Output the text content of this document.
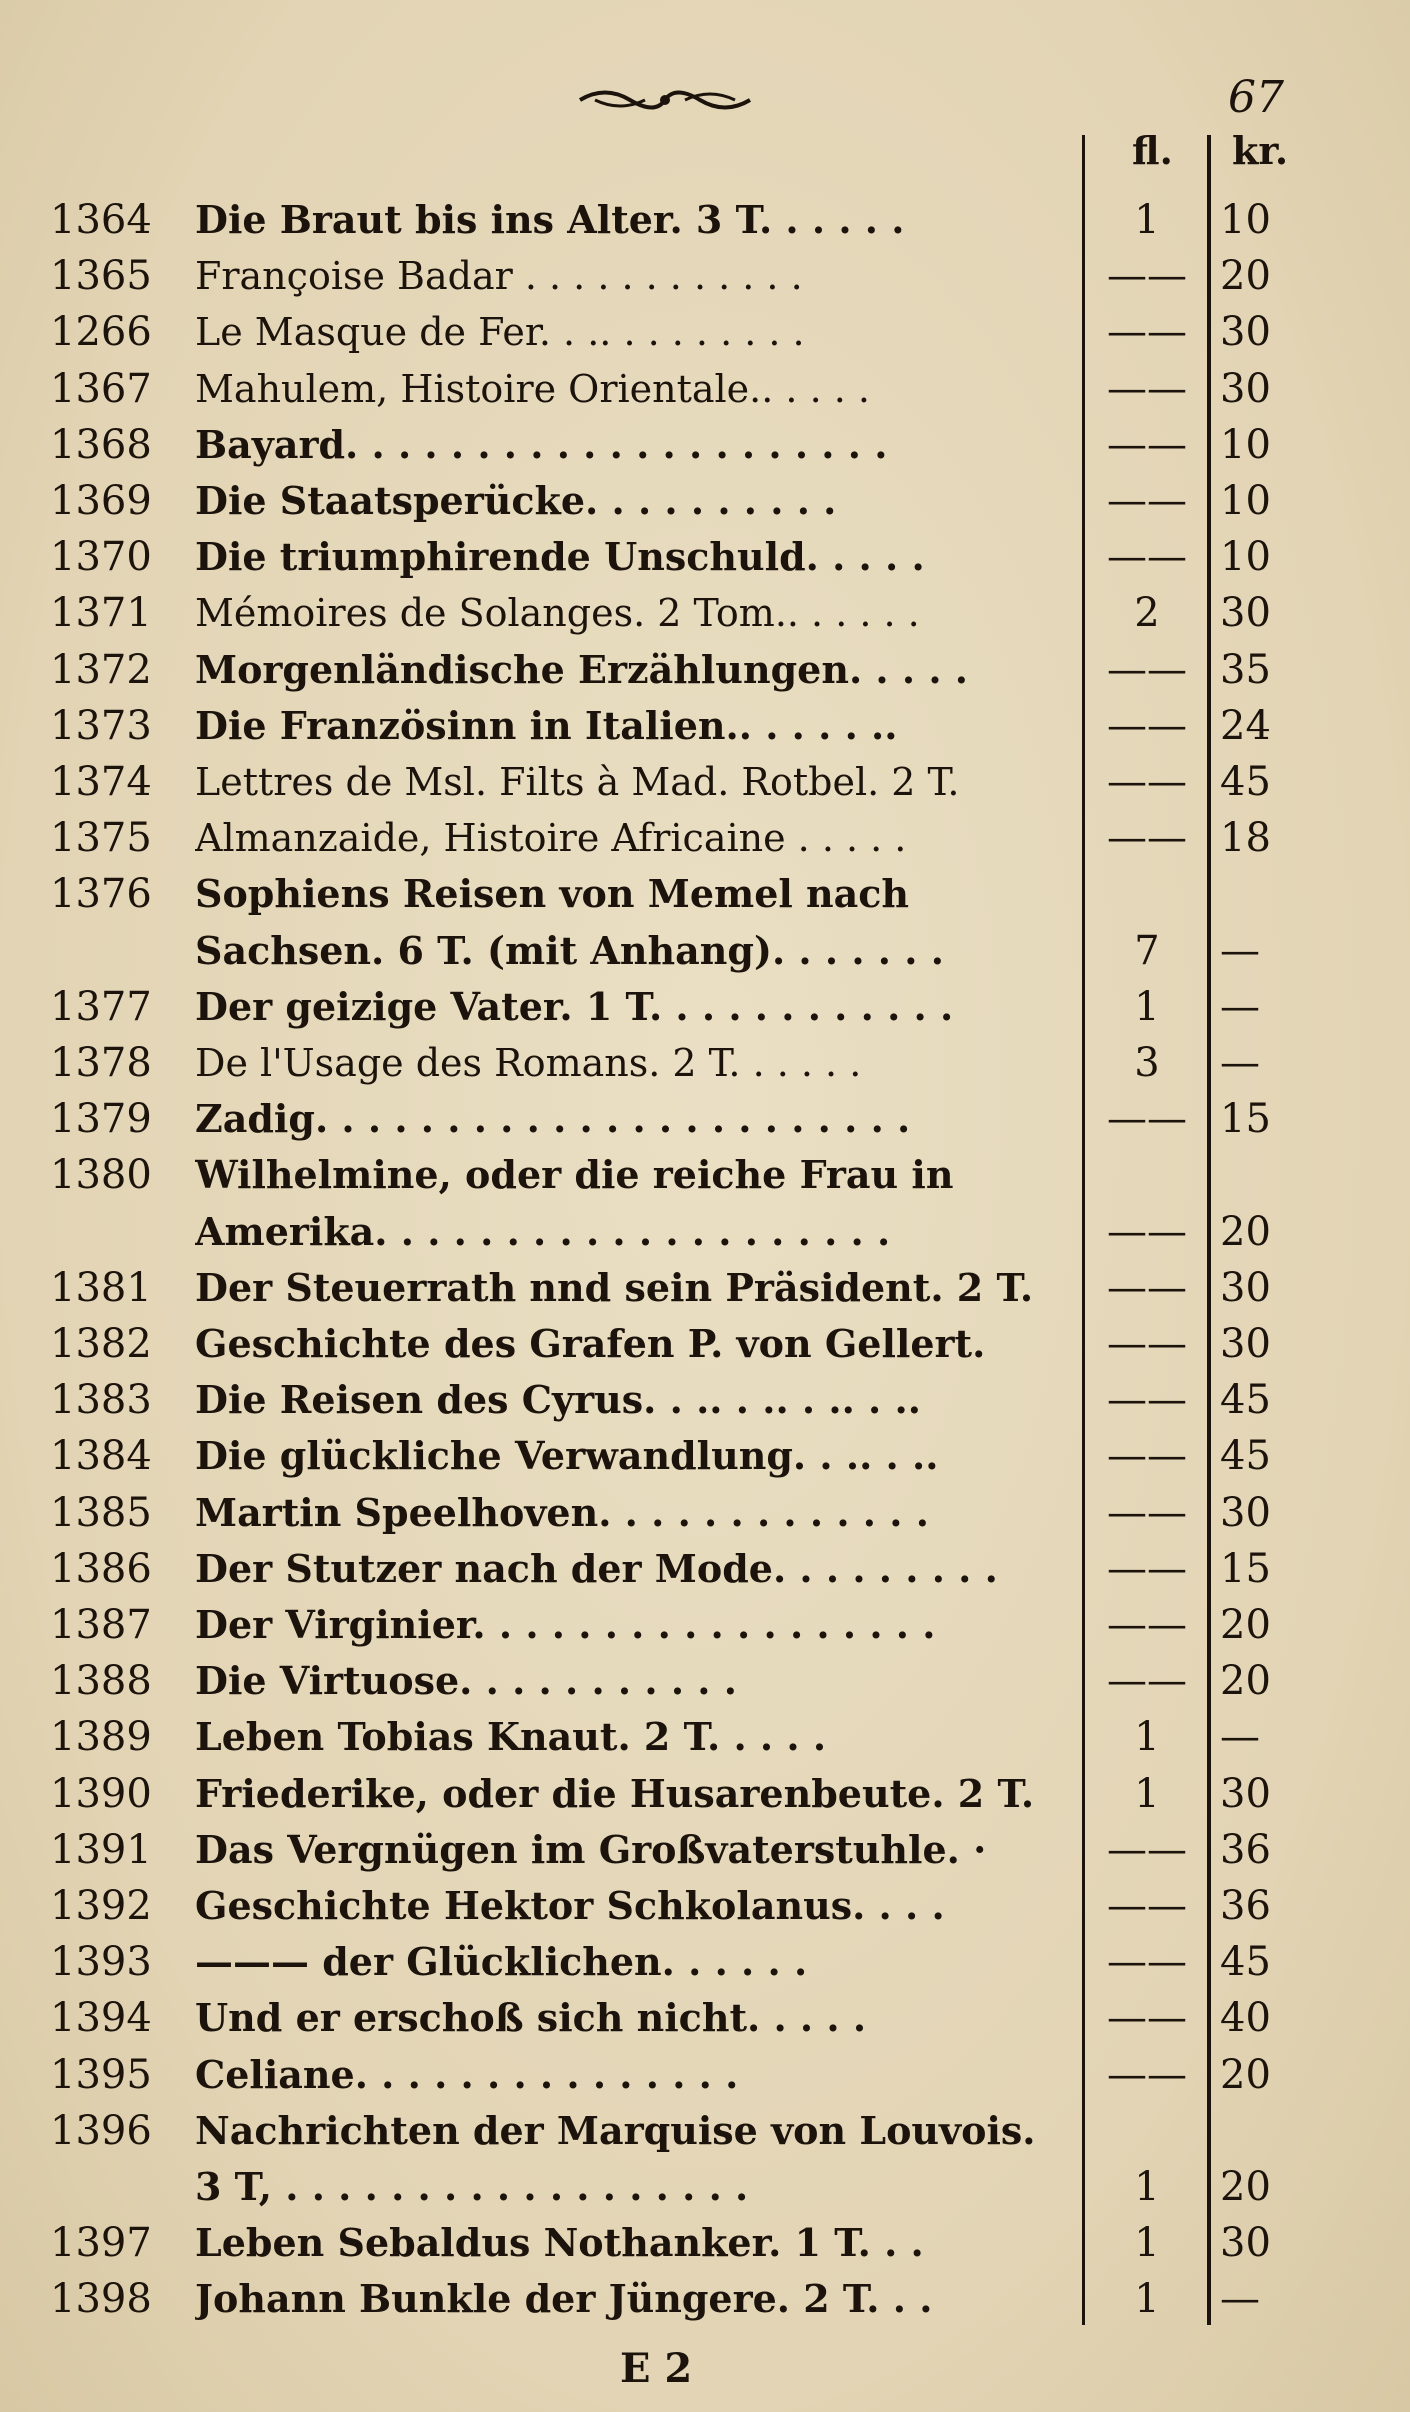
67
fl. kr.
1364 Die Braut bis ins Alter. 3 T. . . . . .	1	10
1365 Françoise Badar . . . . . . . . . . . .	—— 20
1266 Le Masque de Fer. . .. . . . . . . . .	—— 30
1367 Mahulem, Histoire Orientale.. . . . .	—— 30
1368 Bayard. . . . . . . . . . . . . . . . . . . . .	—— 10
1369 Die Staatsperücke. . . . . . . . . .	—— 10
1370 Die triumphirende Unschuld. . . . .	—— 10
1371 Mémoires de Solanges. 2 Tom.. . . . . .	2	30
1372 Morgenländische Erzählungen. . . . .	—— 35
1373 Die Französinn in Italien.. . . . . ..	—— 24
1374 Lettres de Msl. Filts à Mad. Rotbel. 2 T.	—— 45
1375 Almanzaide, Histoire Africaine . . . . .	—— 18
1376 Sophiens Reisen von Memel nach
Sachsen. 6 T. (mit Anhang). . . . . . .	7	—
1377 Der geizige Vater. 1 T. . . . . . . . . . . .	1	—
1378 De l'Usage des Romans. 2 T. . . . . .	3	—
1379 Zadig. . . . . . . . . . . . . . . . . . . . . . .	—— 15
1380 Wilhelmine, oder die reiche Frau in
Amerika. . . . . . . . . . . . . . . . . . . .	—— 20
1381 Der Steuerrath nnd sein Präsident. 2 T.	—— 30
1382 Geschichte des Grafen P. von Gellert.	—— 30
1383 Die Reisen des Cyrus. . .. . .. . .. . ..	—— 45
1384 Die glückliche Verwandlung. . .. . ..	—— 45
1385 Martin Speelhoven. . . . . . . . . . . . .	—— 30
1386 Der Stutzer nach der Mode. . . . . . . . .	—— 15
1387 Der Virginier. . . . . . . . . . . . . . . . . .	—— 20
1388 Die Virtuose. . . . . . . . . . .	—— 20
1389 Leben Tobias Knaut. 2 T. . . . .	1	—
1390 Friederike, oder die Husarenbeute. 2 T.	1	30
1391 Das Vergnügen im Großvaterstuhle. ·	—— 36
1392 Geschichte Hektor Schkolanus. . . .	—— 36
1393 ——— der Glücklichen. . . . . .	—— 45
1394 Und er erschoß sich nicht. . . . .	—— 40
1395 Celiane. . . . . . . . . . . . . . .	—— 20
1396 Nachrichten der Marquise von Louvois.
3 T, . . . . . . . . . . . . . . . . . .	1	20
1397 Leben Sebaldus Nothanker. 1 T. . .	1	30
1398 Johann Bunkle der Jüngere. 2 T. . .	1	—
E 2
